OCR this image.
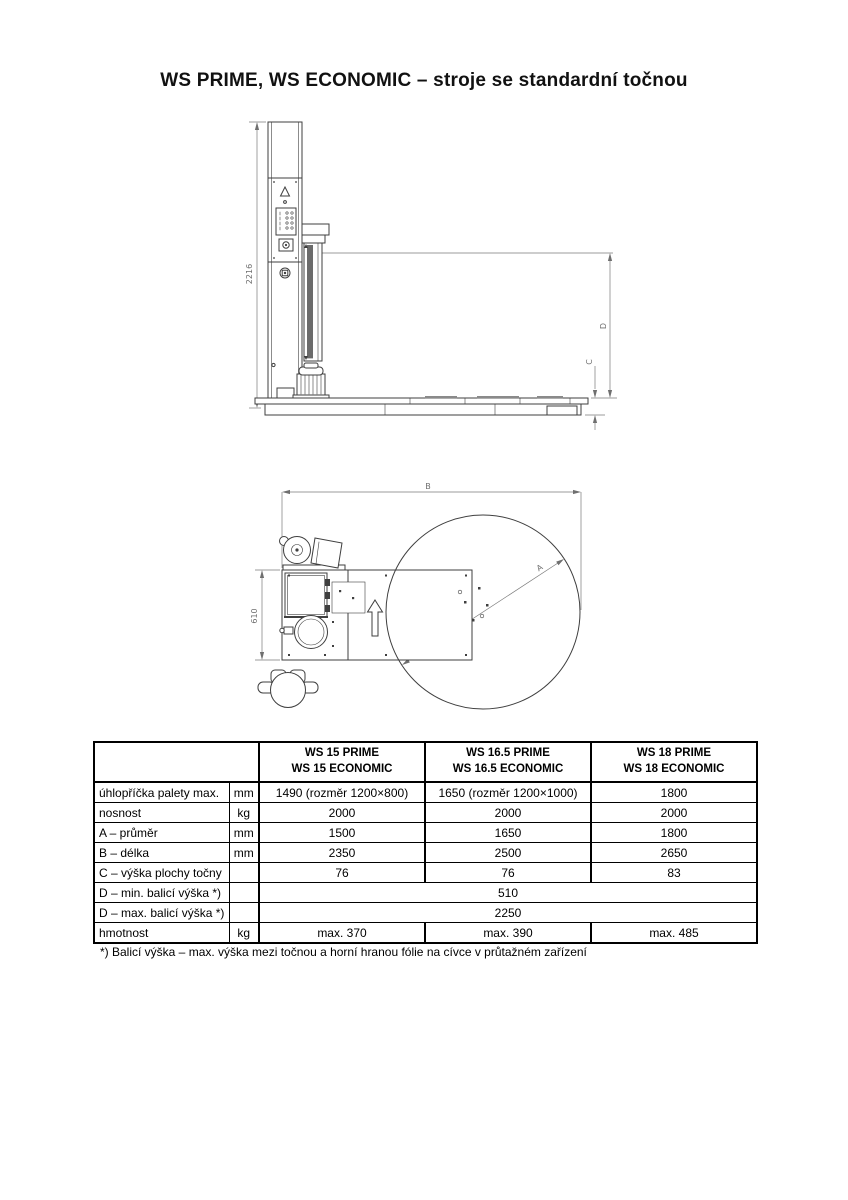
WS PRIME, WS ECONOMIC – stroje se standardní točnou
2216
D
C
B
610
A

WS 15 PRIME
WS 15 ECONOMIC

WS 16.5 PRIME
WS 16.5 ECONOMIC

WS 18 PRIME
WS 18 ECONOMIC

úhlopříčka palety max.	mm	1490 (rozměr 1200×800)	1650 (rozměr 1200×1000)	1800
nosnost	kg	2000	2000	2000
A – průměr	mm	1500	1650	1800
B – délka	mm	2350	2500	2650
C – výška plochy točny		76	76	83
D – min. balicí výška *)		510		
D – max. balicí výška *)		2250		
hmotnost	kg	max. 370	max. 390	max. 485
*) Balicí výška – max. výška mezi točnou a horní hranou fólie na cívce v průtažném zařízení
